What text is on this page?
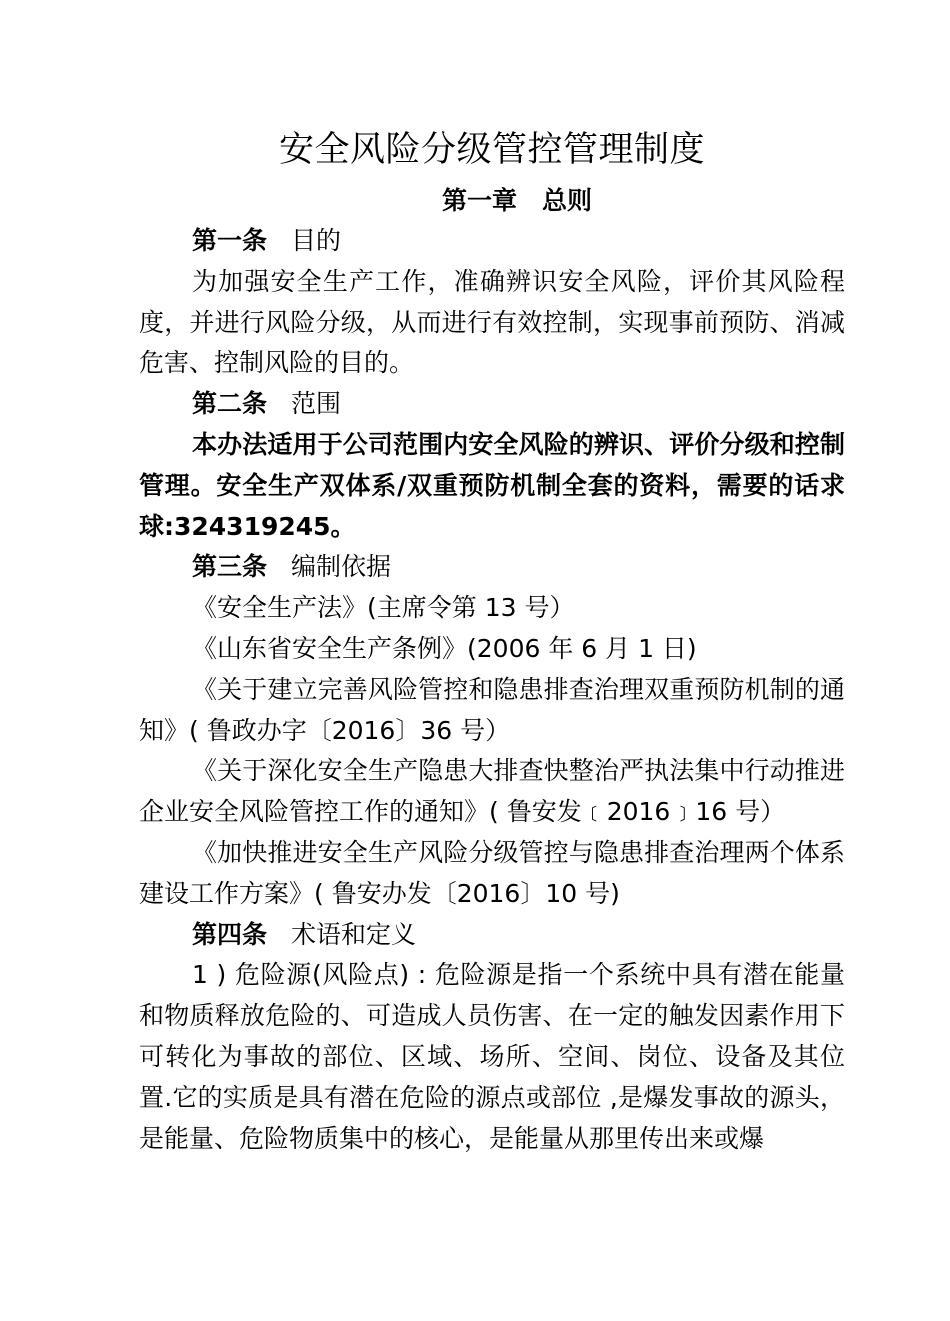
安全风险分级管控管理制度
第一章　总则

第一条 目的

为加强安全生产工作，准确辨识安全风险，评价其风险程度，并进行风险分级，从而进行有效控制，实现事前预防、消减危害、控制风险的目的。

第二条 范围

本办法适用于公司范围内安全风险的辨识、评价分级和控制管理。安全生产双体系/双重预防机制全套的资料，需要的话求球:324319245。

第三条 编制依据

《安全生产法》(主席令第 13 号）

《山东省安全生产条例》(2006 年 6 月 1 日)

《关于建立完善风险管控和隐患排查治理双重预防机制的通知》( 鲁政办字〔2016〕36 号）

《关于深化安全生产隐患大排查快整治严执法集中行动推进企业安全风险管控工作的通知》( 鲁安发﹝2016﹞16 号）

《加快推进安全生产风险分级管控与隐患排查治理两个体系建设工作方案》( 鲁安办发〔2016〕10 号)

第四条 术语和定义

1 ) 危险源(风险点) : 危险源是指一个系统中具有潜在能量和物质释放危险的、可造成人员伤害、在一定的触发因素作用下可转化为事故的部位、区域、场所、空间、岗位、设备及其位置.它的实质是具有潜在危险的源点或部位 ,是爆发事故的源头，是能量、危险物质集中的核心，是能量从那里传出来或爆
